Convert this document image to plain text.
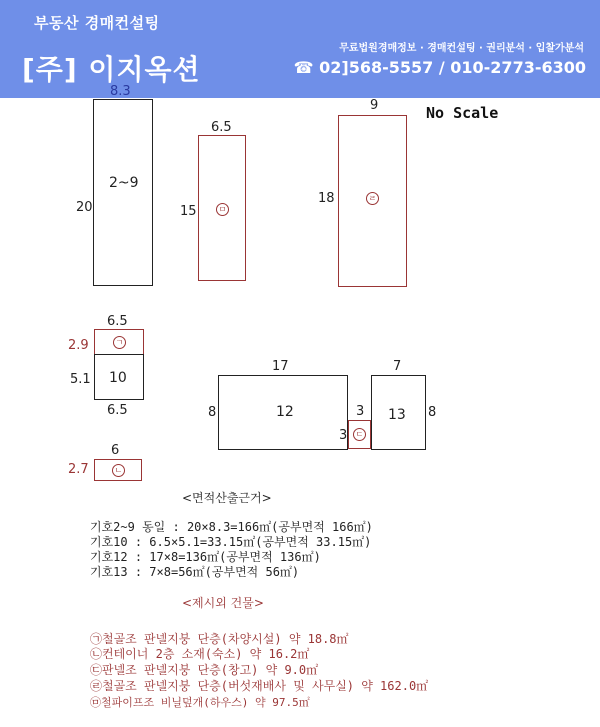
부동산 경매컨설팅
[주] 이지옥션
무료법원경매정보 · 경매컨설팅 · 권리분석 · 입찰가분석
☎ 02]568-5557 / 010-2773-6300
No Scale
8.3
2~9
20
6.5
ㅁ
15
9
ㄹ
18
6.5
ㄱ
2.9
10
5.1
6.5
6
ㄴ
2.7
17
12
8	3
ㄷ
3
7
13 8
<면적산출근거>
기호2~9 동일 : 20×8.3=166㎡(공부면적 166㎡)
기호10 : 6.5×5.1=33.15㎡(공부면적 33.15㎡)
기호12 : 17×8=136㎡(공부면적 136㎡)
기호13 : 7×8=56㎡(공부면적 56㎡)
<제시외 건물>
㉠철골조 판넬지붕 단층(차양시설) 약 18.8㎡
㉡컨테이너 2층 소재(숙소) 약 16.2㎡
㉢판넬조 판넬지붕 단층(창고) 약 9.0㎡
㉣철골조 판넬지붕 단층(버섯재배사 및 사무실) 약 162.0㎡
㉤철파이프조 비닐덮개(하우스) 약 97.5㎡
